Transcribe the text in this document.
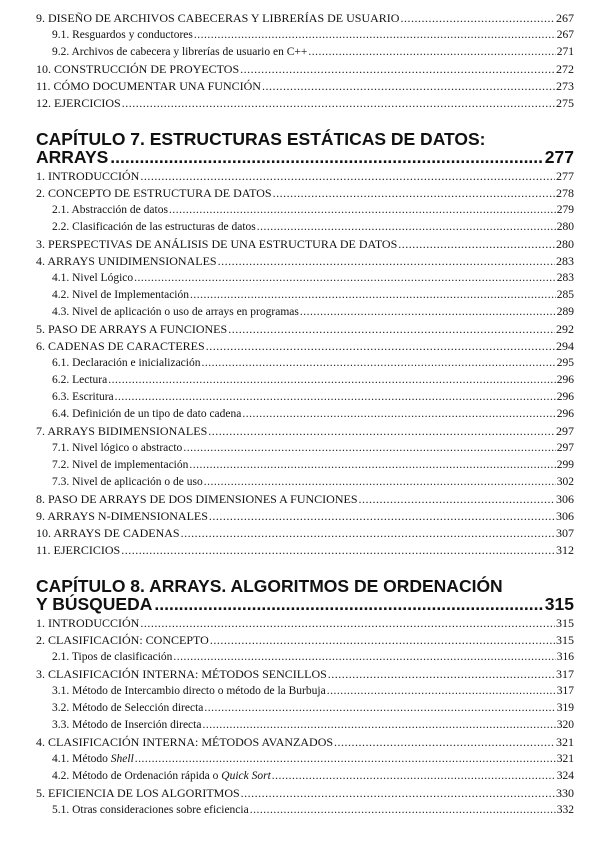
9. DISEÑO DE ARCHIVOS CABECERAS Y LIBRERÍAS DE USUARIO .....	267
9.1. Resguardos y conductores .....	267
9.2. Archivos de cabecera y librerías de usuario en C++ .....	271
10. CONSTRUCCIÓN DE PROYECTOS .....	272
11. CÓMO DOCUMENTAR UNA FUNCIÓN .....	273
12. EJERCICIOS .....	275
CAPÍTULO 7. ESTRUCTURAS ESTÁTICAS DE DATOS:
ARRAYS .....	277
1. INTRODUCCIÓN .....	277
2. CONCEPTO DE ESTRUCTURA DE DATOS .....	278
2.1. Abstracción de datos .....	279
2.2. Clasificación de las estructuras de datos .....	280
3. PERSPECTIVAS DE ANÁLISIS DE UNA ESTRUCTURA DE DATOS .....	280
4. ARRAYS UNIDIMENSIONALES .....	283
4.1. Nivel Lógico .....	283
4.2. Nivel de Implementación .....	285
4.3. Nivel de aplicación o uso de arrays en programas .....	289
5. PASO DE ARRAYS A FUNCIONES .....	292
6. CADENAS DE CARACTERES .....	294
6.1. Declaración e inicialización .....	295
6.2. Lectura .....	296
6.3. Escritura .....	296
6.4. Definición de un tipo de dato cadena .....	296
7. ARRAYS BIDIMENSIONALES .....	297
7.1. Nivel lógico o abstracto .....	297
7.2. Nivel de implementación .....	299
7.3. Nivel de aplicación o de uso .....	302
8. PASO DE ARRAYS DE DOS DIMENSIONES A FUNCIONES .....	306
9. ARRAYS N-DIMENSIONALES .....	306
10. ARRAYS DE CADENAS .....	307
11. EJERCICIOS .....	312
CAPÍTULO 8. ARRAYS. ALGORITMOS DE ORDENACIÓN
Y BÚSQUEDA .....	315
1. INTRODUCCIÓN .....	315
2. CLASIFICACIÓN: CONCEPTO .....	315
2.1. Tipos de clasificación .....	316
3. CLASIFICACIÓN INTERNA: MÉTODOS SENCILLOS .....	317
3.1. Método de Intercambio directo o método de la Burbuja .....	317
3.2. Método de Selección directa .....	319
3.3. Método de Inserción directa .....	320
4. CLASIFICACIÓN INTERNA: MÉTODOS AVANZADOS .....	321
4.1. Método Shell .....	321
4.2. Método de Ordenación rápida o Quick Sort .....	324
5. EFICIENCIA DE LOS ALGORITMOS .....	330
5.1. Otras consideraciones sobre eficiencia .....	332
